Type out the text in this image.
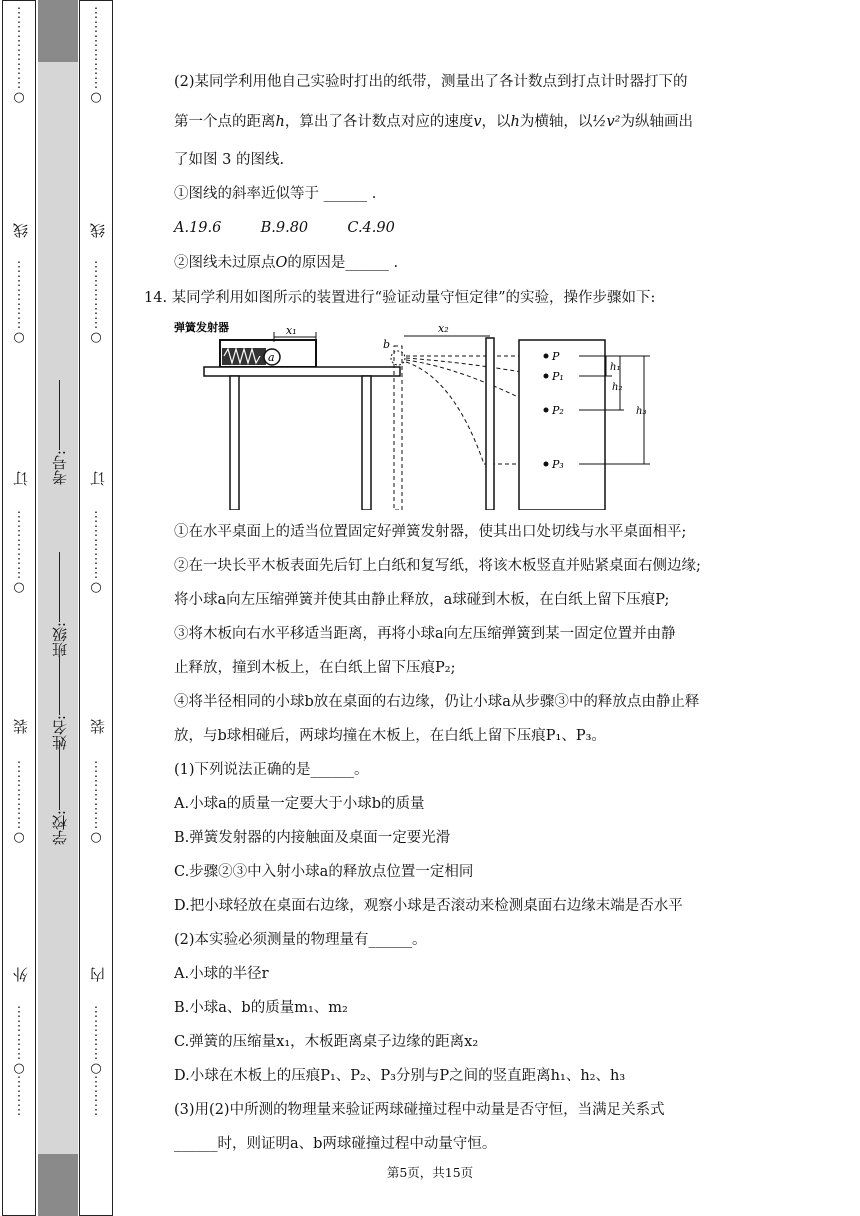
⋮
⋮
⋮
⋮
⋮
⋮
○
线
⋮
⋮
⋮
⋮
⋮
○
订
⋮
⋮
⋮
⋮
⋮
○
装
⋮
⋮
⋮
⋮
⋮
○
外
⋮
⋮
⋮
⋮
○
⋮
⋮
⋮
考号:
班级:
姓名:
学校:
⋮
⋮
⋮
⋮
⋮
⋮
○
线
⋮
⋮
⋮
⋮
⋮
○
订
⋮
⋮
⋮
⋮
⋮
○
装
⋮
⋮
⋮
⋮
⋮
○
内
⋮
⋮
⋮
⋮
○
⋮
⋮
⋮
(2)某同学利用他自己实验时打出的纸带，测量出了各计数点到打点计时器打下的
第一个点的距离h，算出了各计数点对应的速度v，以h为横轴，以½v²为纵轴画出
了如图 3 的图线.
①图线的斜率近似等于 ______ .
A.19.6	B.9.80	C.4.90
②图线未过原点O的原因是______ .
14. 某同学利用如图所示的装置进行“验证动量守恒定律”的实验，操作步骤如下:
弹簧发射器
a
x₁
b
x₂
P
P₁
P₂
P₃
h₁
h₂
h₃
①在水平桌面上的适当位置固定好弹簧发射器，使其出口处切线与水平桌面相平;
②在一块长平木板表面先后钉上白纸和复写纸，将该木板竖直并贴紧桌面右侧边缘;
将小球a向左压缩弹簧并使其由静止释放，a球碰到木板，在白纸上留下压痕P;
③将木板向右水平移适当距离，再将小球a向左压缩弹簧到某一固定位置并由静
止释放，撞到木板上，在白纸上留下压痕P₂;
④将半径相同的小球b放在桌面的右边缘，仍让小球a从步骤③中的释放点由静止释
放，与b球相碰后，两球均撞在木板上，在白纸上留下压痕P₁、P₃。
(1)下列说法正确的是______。
A.小球a的质量一定要大于小球b的质量
B.弹簧发射器的内接触面及桌面一定要光滑
C.步骤②③中入射小球a的释放点位置一定相同
D.把小球轻放在桌面右边缘，观察小球是否滚动来检测桌面右边缘末端是否水平
(2)本实验必须测量的物理量有______。
A.小球的半径r
B.小球a、b的质量m₁、m₂
C.弹簧的压缩量x₁，木板距离桌子边缘的距离x₂
D.小球在木板上的压痕P₁、P₂、P₃分别与P之间的竖直距离h₁、h₂、h₃
(3)用(2)中所测的物理量来验证两球碰撞过程中动量是否守恒，当满足关系式
______时，则证明a、b两球碰撞过程中动量守恒。
第5页，共15页
